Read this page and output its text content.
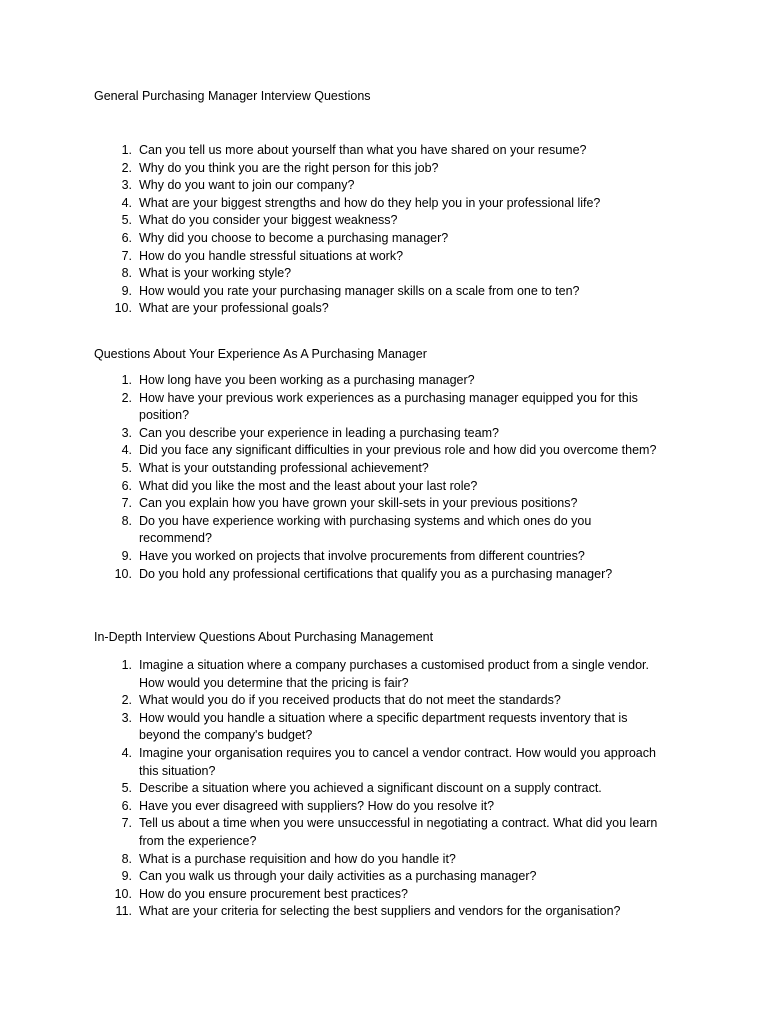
General Purchasing Manager Interview Questions
1. Can you tell us more about yourself than what you have shared on your resume?
2. Why do you think you are the right person for this job?
3. Why do you want to join our company?
4. What are your biggest strengths and how do they help you in your professional life?
5. What do you consider your biggest weakness?
6. Why did you choose to become a purchasing manager?
7. How do you handle stressful situations at work?
8. What is your working style?
9. How would you rate your purchasing manager skills on a scale from one to ten?
10. What are your professional goals?
Questions About Your Experience As A Purchasing Manager
1. How long have you been working as a purchasing manager?
2. How have your previous work experiences as a purchasing manager equipped you for this position?
3. Can you describe your experience in leading a purchasing team?
4. Did you face any significant difficulties in your previous role and how did you overcome them?
5. What is your outstanding professional achievement?
6. What did you like the most and the least about your last role?
7. Can you explain how you have grown your skill-sets in your previous positions?
8. Do you have experience working with purchasing systems and which ones do you recommend?
9. Have you worked on projects that involve procurements from different countries?
10. Do you hold any professional certifications that qualify you as a purchasing manager?
In-Depth Interview Questions About Purchasing Management
1. Imagine a situation where a company purchases a customised product from a single vendor. How would you determine that the pricing is fair?
2. What would you do if you received products that do not meet the standards?
3. How would you handle a situation where a specific department requests inventory that is beyond the company's budget?
4. Imagine your organisation requires you to cancel a vendor contract. How would you approach this situation?
5. Describe a situation where you achieved a significant discount on a supply contract.
6. Have you ever disagreed with suppliers? How do you resolve it?
7. Tell us about a time when you were unsuccessful in negotiating a contract. What did you learn from the experience?
8. What is a purchase requisition and how do you handle it?
9. Can you walk us through your daily activities as a purchasing manager?
10. How do you ensure procurement best practices?
11. What are your criteria for selecting the best suppliers and vendors for the organisation?
